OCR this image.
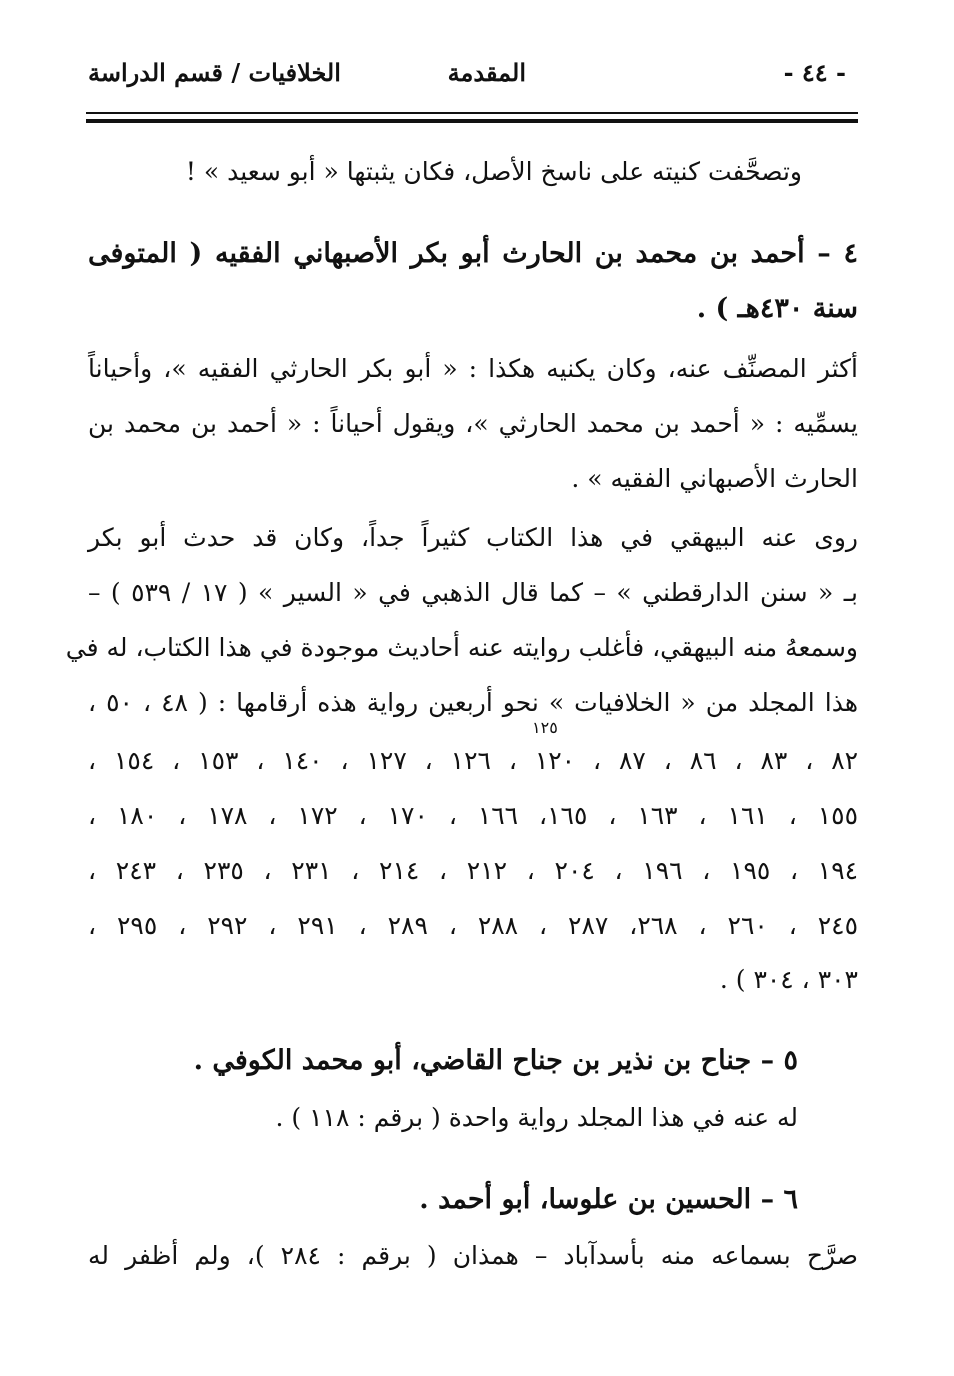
- ٤٤ -
المقدمة
الخلافيات / قسم الدراسة
وتصحَّفت كنيته على ناسخ الأصل، فكان يثبتها « أبو سعيد » !
٤ – أحمد بن محمد بن الحارث أبو بكر الأصبهاني الفقيه ( المتوفى
سنة ٤٣٠هـ ) .
أكثر المصنِّف عنه، وكان يكنيه هكذا : « أبو بكر الحارثي الفقيه »، وأحياناً
يسمِّيه : « أحمد بن محمد الحارثي »، ويقول أحياناً : « أحمد بن محمد بن
الحارث الأصبهاني الفقيه » .
روى عنه البيهقي في هذا الكتاب كثيراً جداً، وكان قد حدث أبو بكر
بـ « سنن الدارقطني » – كما قال الذهبي في « السير » ( ١٧ / ٥٣٩ ) –
وسمعهُ منه البيهقي، فأغلب روايته عنه أحاديث موجودة في هذا الكتاب، له في
هذا المجلد من « الخلافيات » نحو أربعين رواية هذه أرقامها : ( ٤٨ ، ٥٠ ،
١٢٥
٨٢ ، ٨٣ ، ٨٦ ، ٨٧ ، ١٢٠ ، ١٢٦ ، ١٢٧ ، ١٤٠ ، ١٥٣ ، ١٥٤ ،
١٥٥ ، ١٦١ ، ١٦٣ ، ١٦٥، ١٦٦ ، ١٧٠ ، ١٧٢ ، ١٧٨ ، ١٨٠ ،
١٩٤ ، ١٩٥ ، ١٩٦ ، ٢٠٤ ، ٢١٢ ، ٢١٤ ، ٢٣١ ، ٢٣٥ ، ٢٤٣ ،
٢٤٥ ، ٢٦٠ ، ٢٦٨، ٢٨٧ ، ٢٨٨ ، ٢٨٩ ، ٢٩١ ، ٢٩٢ ، ٢٩٥ ،
٣٠٣ ، ٣٠٤ ) .
٥ – جناح بن نذير بن جناح القاضي، أبو محمد الكوفي .
له عنه في هذا المجلد رواية واحدة ( برقم : ١١٨ ) .
٦ – الحسين بن علوسا، أبو أحمد .
صرَّح بسماعه منه بأسدآباد – همذان ( برقم : ٢٨٤ )، ولم أظفر له
